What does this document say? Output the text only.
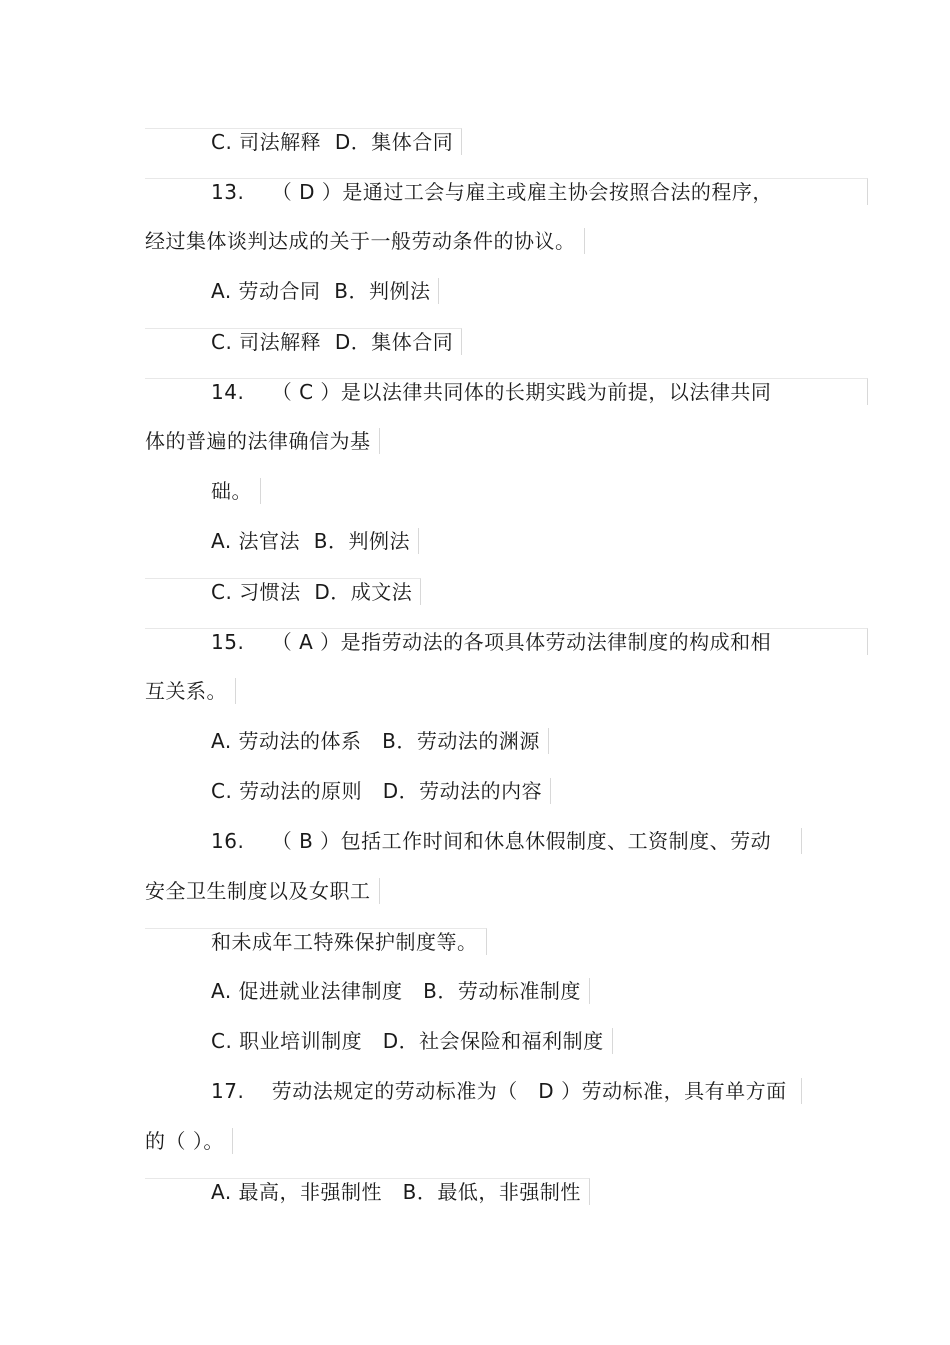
C. 司法解释  D．集体合同
13.    （ D ）是通过工会与雇主或雇主协会按照合法的程序，
经过集体谈判达成的关于一般劳动条件的协议。
A. 劳动合同  B．判例法
C. 司法解释  D．集体合同
14.    （ C ）是以法律共同体的长期实践为前提，以法律共同
体的普遍的法律确信为基
础。
A. 法官法  B．判例法
C. 习惯法  D．成文法
15.    （ A ）是指劳动法的各项具体劳动法律制度的构成和相
互关系。
A. 劳动法的体系   B．劳动法的渊源
C. 劳动法的原则   D．劳动法的内容
16.    （ B ）包括工作时间和休息休假制度、工资制度、劳动
安全卫生制度以及女职工
和未成年工特殊保护制度等。
A. 促进就业法律制度   B．劳动标准制度
C. 职业培训制度   D．社会保险和福利制度
17.    劳动法规定的劳动标准为（   D ）劳动标准，具有单方面
的（ ）。
A. 最高，非强制性   B．最低，非强制性
